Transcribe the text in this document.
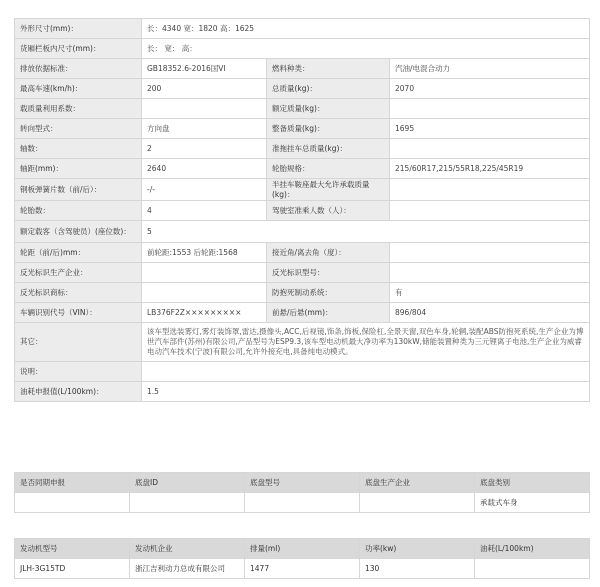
外形尺寸(mm)：	长：4340 宽：1820 高：1625		
货厢栏板内尺寸(mm)：	长： 宽： 高：		
排放依据标准：	GB18352.6-2016国VI	燃料种类：	汽油/电混合动力
最高车速(km/h)：	200	总质量(kg)：	2070
载质量利用系数：		额定质量(kg)：	
转向型式：	方向盘	整备质量(kg)：	1695
轴数：	2	准拖挂车总质量(kg)：	
轴距(mm)：	2640	轮胎规格：	215/60R17,215/55R18,225/45R19
钢板弹簧片数（前/后）：	-/-	半挂车鞍座最大允许承载质量(kg)：	
轮胎数：	4	驾驶室准乘人数（人）：	
额定载客（含驾驶员）(座位数)：	5		
轮距（前/后)mm：	前轮距:1553 后轮距:1568	接近角/离去角（度）：	
反光标识生产企业：		反光标识型号：	
反光标识商标：		防抱死制动系统：	有
车辆识别代号（VIN）：	LB376F2Z×××××××××	前悬/后悬(mm)：	896/804
其它：	该车型选装雾灯,雾灯装饰罩,雷达,摄像头,ACC,后视镜,饰条,饰板,保险杠,全景天窗,双色车身,轮辋,装配ABS防抱死系统,生产企业为博世汽车部件(苏州)有限公司,产品型号为ESP9.3,该车型电动机最大净功率为130kW,储能装置种类为三元锂离子电池,生产企业为威睿电动汽车技术(宁波)有限公司,允许外接充电,具备纯电动模式。		
说明：			
油耗申报值(L/100km)：	1.5		
是否同期申报	底盘ID	底盘型号	底盘生产企业	底盘类别
				承载式车身
发动机型号	发动机企业	排量(ml)	功率(kw)	油耗(L/100km)
JLH-3G15TD	浙江吉利动力总成有限公司	1477	130	
